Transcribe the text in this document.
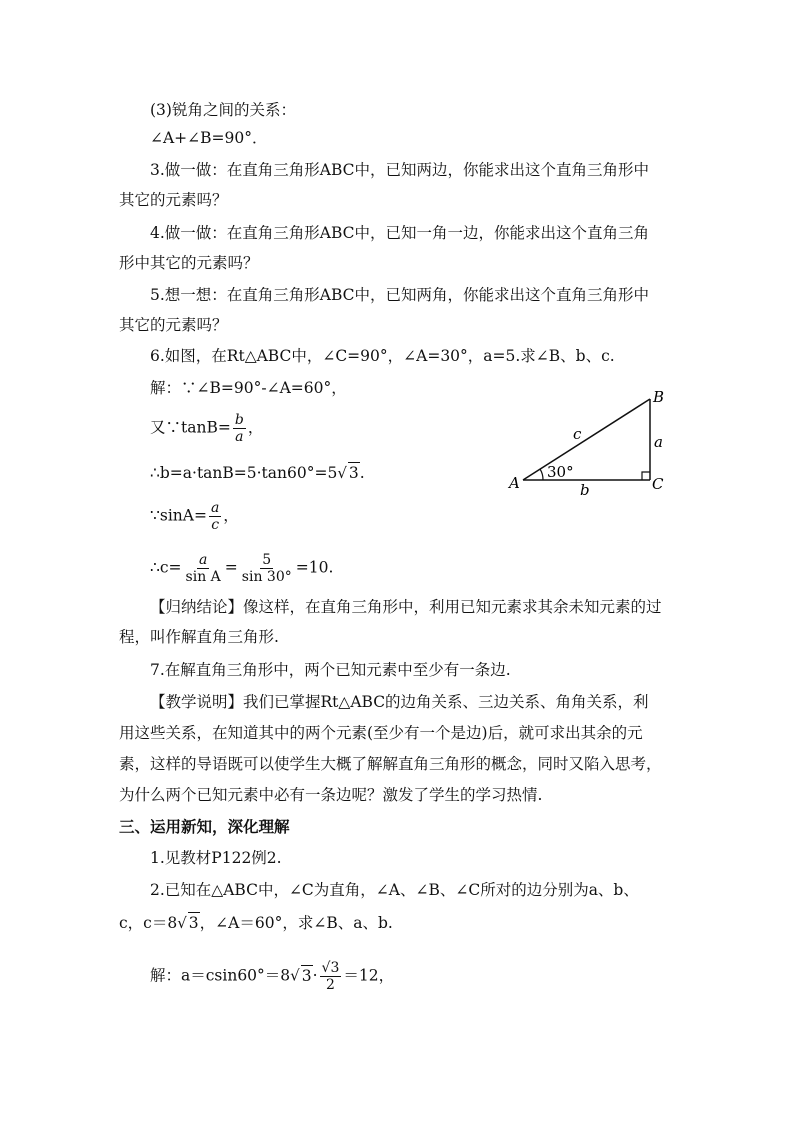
(3)锐角之间的关系：
∠A+∠B=90°．
3.做一做：在直角三角形ABC中，已知两边，你能求出这个直角三角形中
其它的元素吗？
4.做一做：在直角三角形ABC中，已知一角一边，你能求出这个直角三角
形中其它的元素吗？
5.想一想：在直角三角形ABC中，已知两角，你能求出这个直角三角形中
其它的元素吗？
6.如图，在Rt△ABC中，∠C=90°，∠A=30°，a=5.求∠B、b、c.
解：∵∠B=90°-∠A=60°，
又∵tanB= $\frac{b}{a}$ ，
∴b=a·tanB=5·tan60°=5√ 3.
∵sinA= $\frac{a}{c}$ ，
∴c= $\frac{a}{\text{sin A}} = \frac{5}{\sin 30^\circ} =10$.
A
B
C
a
b
c
30°
【归纳结论】像这样，在直角三角形中，利用已知元素求其余未知元素的过
程，叫作解直角三角形.
7.在解直角三角形中，两个已知元素中至少有一条边.
【教学说明】我们已掌握Rt△ABC的边角关系、三边关系、角角关系，利
用这些关系，在知道其中的两个元素(至少有一个是边)后，就可求出其余的元
素，这样的导语既可以使学生大概了解解直角三角形的概念，同时又陷入思考，
为什么两个已知元素中必有一条边呢？激发了学生的学习热情.
三、运用新知，深化理解
1.见教材P122例2.
2.已知在△ABC中，∠C为直角，∠A、∠B、∠C所对的边分别为a、b、
c，c＝8√ 3，∠A＝60°，求∠B、a、b.
解：a＝csin60°＝8√ $3\cdot \frac{√3}{2} =12$，
